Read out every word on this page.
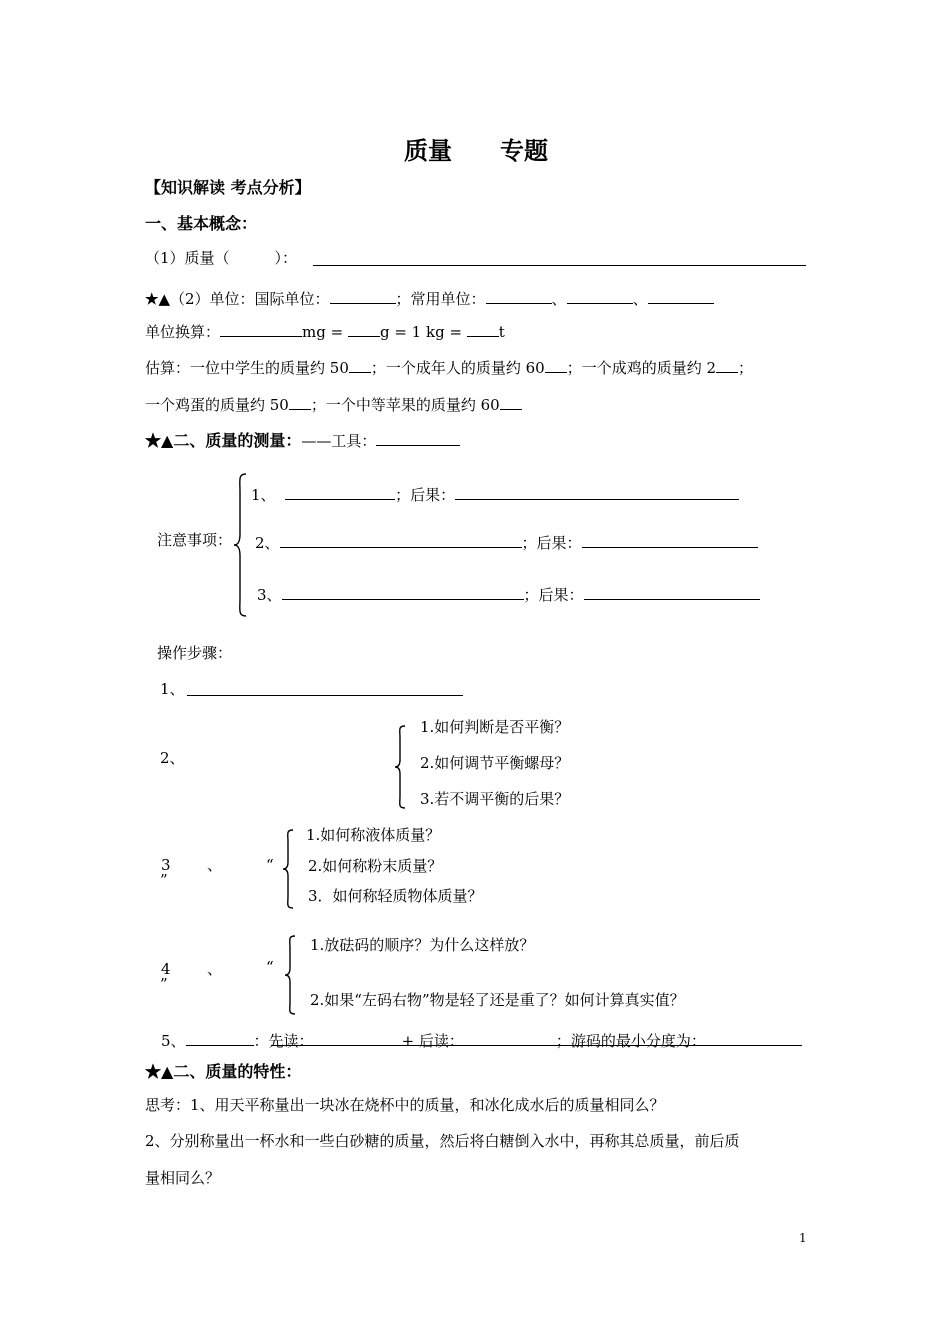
质量　　专题
【知识解读 考点分析】
一、基本概念：
（1）质量（　　　）：
★▲（2）单位：国际单位：	；常用单位：	、	、
单位换算：	mg = g = 1 kg = t
估算：一位中学生的质量约 50 ；一个成年人的质量约 60 ；一个成鸡的质量约 2 ；
一个鸡蛋的质量约 50 ；一个中等苹果的质量约 60
★▲二、质量的测量：——工具：
注意事项：
1、	；后果：
2、	；后果：
3、	；后果：
操作步骤：
1、
2、
1.如何判断是否平衡？
2.如何调节平衡螺母？
3.若不调平衡的后果？
3 、	“
”
1.如何称液体质量？
2.如何称粉末质量？
3．如何称轻质物体质量？
4 、	“
”
1.放砝码的顺序？为什么这样放？
2.如果“左码右物”物是轻了还是重了？如何计算真实值？
5、	：先读：	+ 后读：	；游码的最小分度为：
★▲二、质量的特性：
思考：1、用天平称量出一块冰在烧杯中的质量，和冰化成水后的质量相同么？
2、分别称量出一杯水和一些白砂糖的质量，然后将白糖倒入水中，再称其总质量，前后质
量相同么？
1
